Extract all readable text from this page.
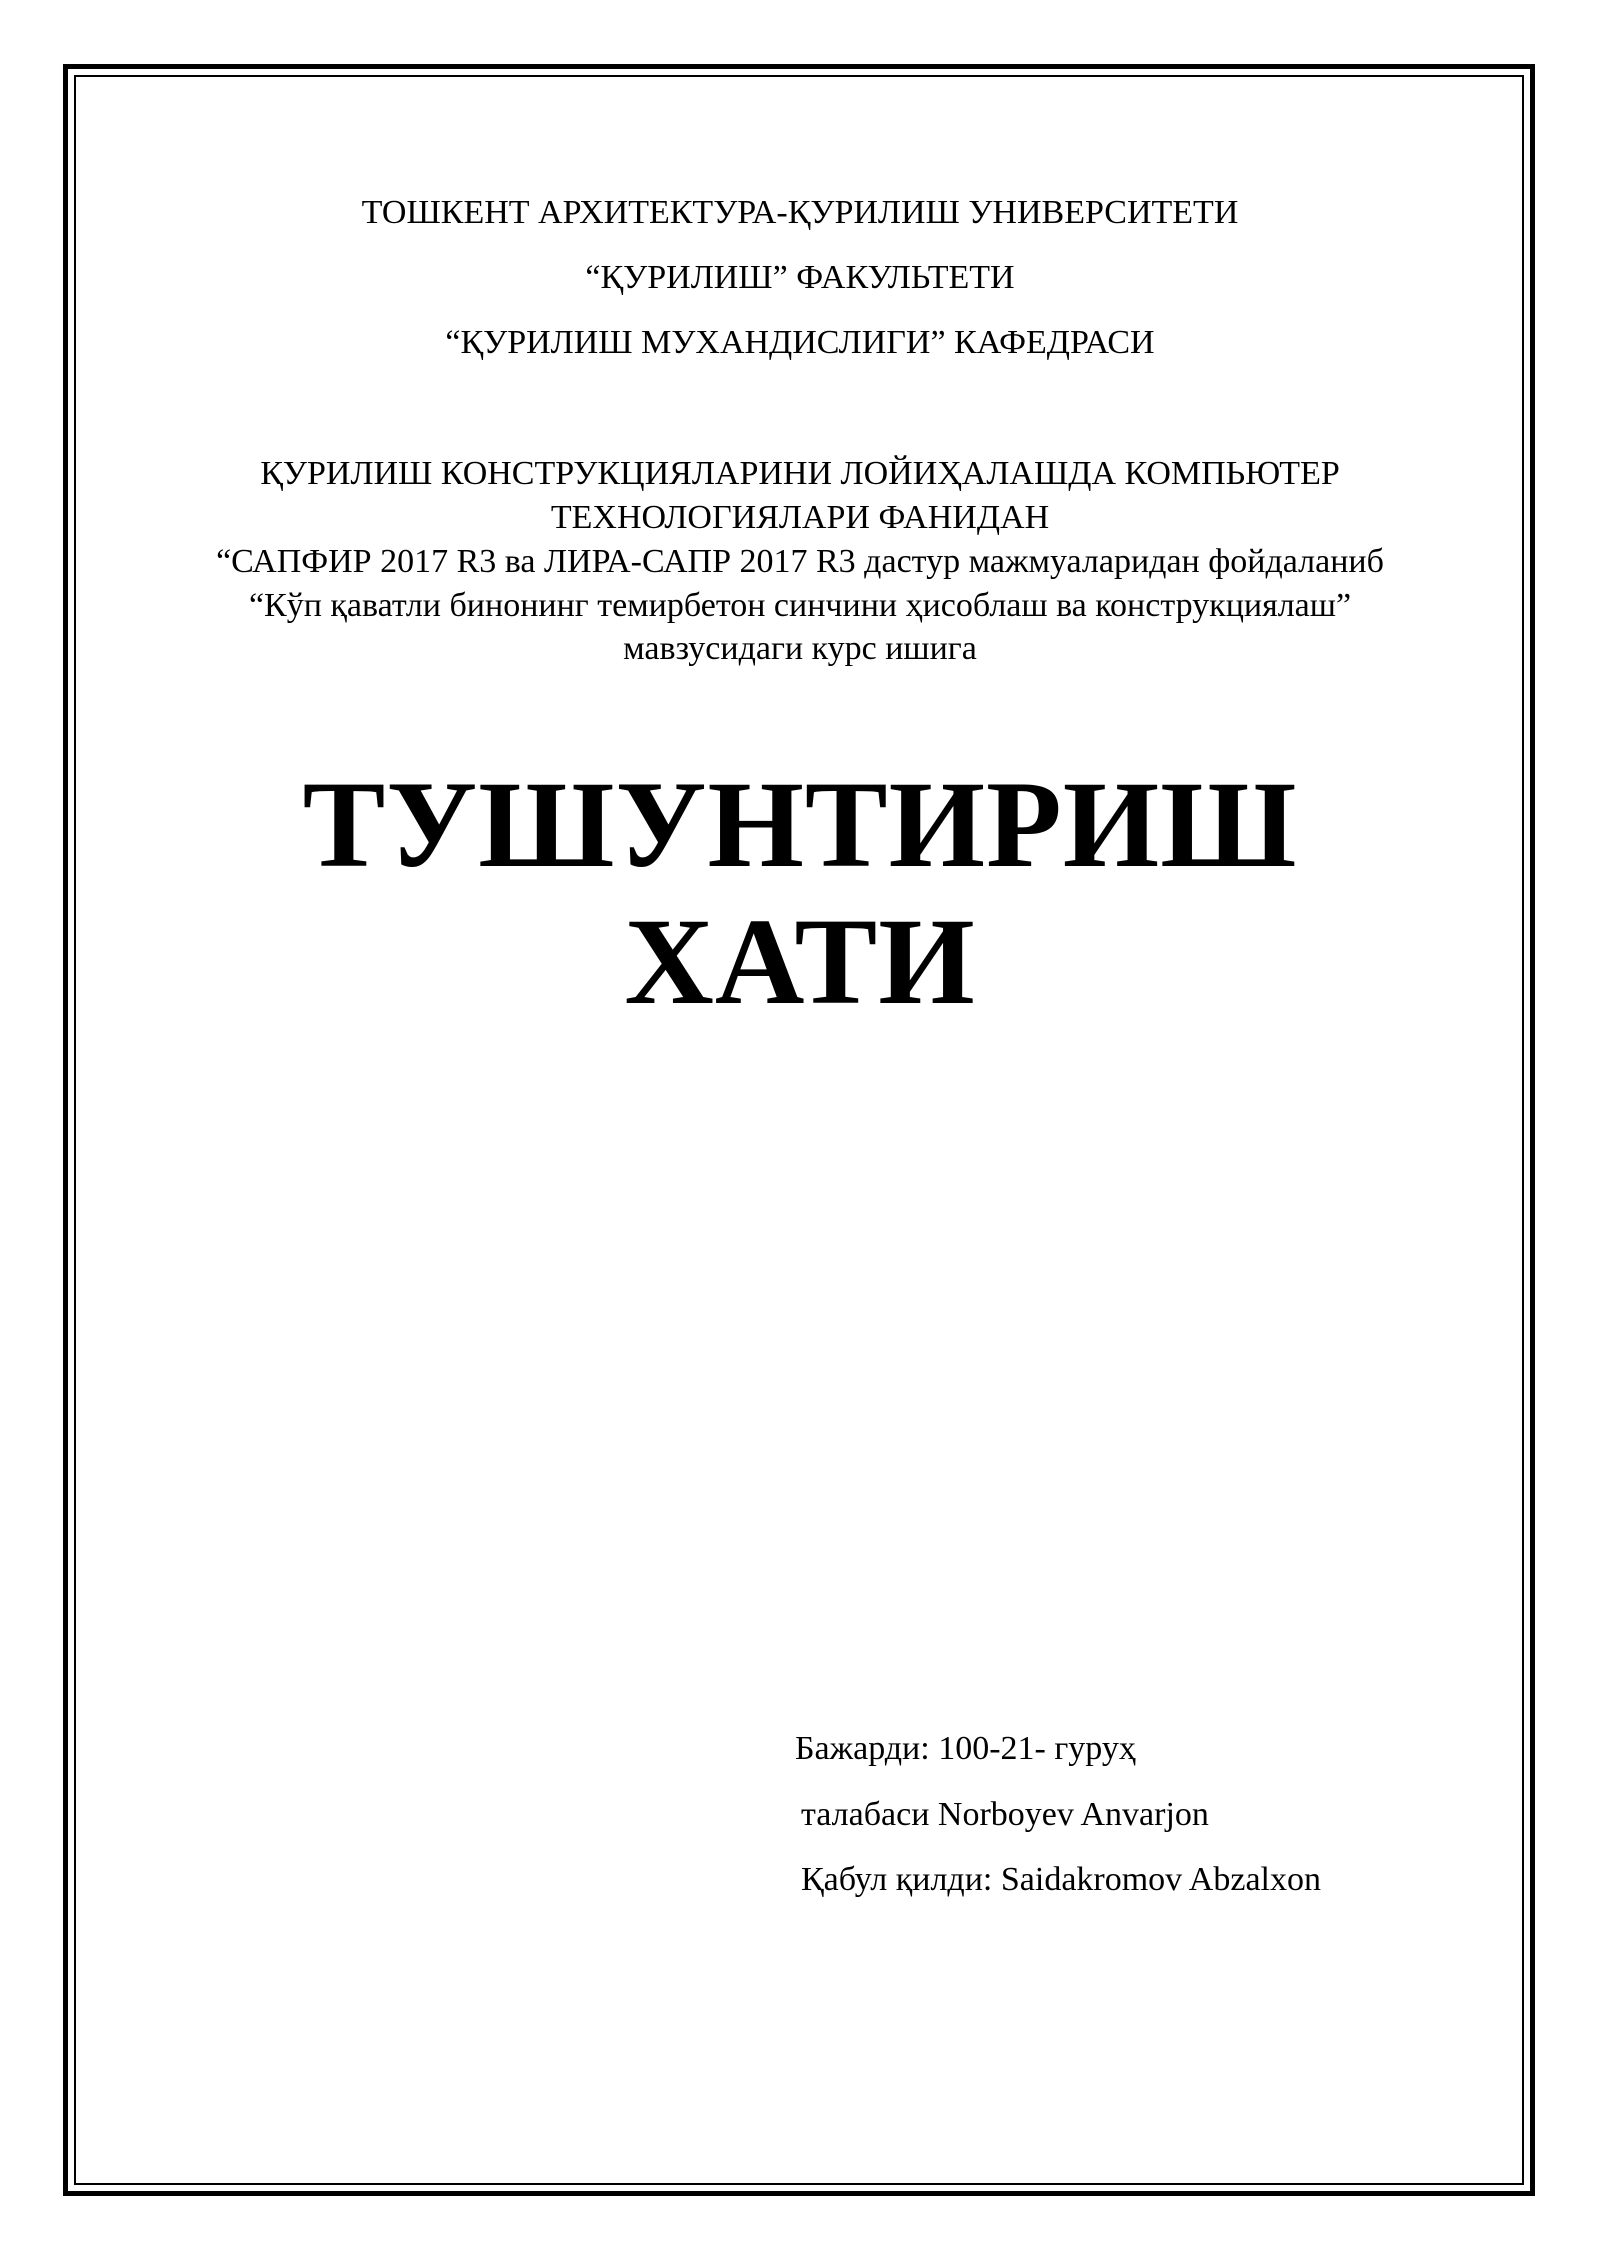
ТОШКЕНТ АРХИТЕКТУРА-ҚУРИЛИШ УНИВЕРСИТЕТИ
“ҚУРИЛИШ” ФАКУЛЬТЕТИ
“ҚУРИЛИШ МУХАНДИСЛИГИ” КАФЕДРАСИ
ҚУРИЛИШ КОНСТРУКЦИЯЛАРИНИ ЛОЙИҲАЛАШДА КОМПЬЮТЕР
ТЕХНОЛОГИЯЛАРИ ФАНИДАН
“САПФИР 2017 R3 ва ЛИРА-САПР 2017 R3 дастур мажмуаларидан фойдаланиб
“Кўп қаватли бинонинг темирбетон синчини ҳисоблаш ва конструкциялаш”
мавзусидаги курс ишига
ТУШУНТИРИШ
ХАТИ
Бажарди: 100-21- гуруҳ
талабаси Norboyev Anvarjon
Қабул қилди: Saidakromov Abzalxon
